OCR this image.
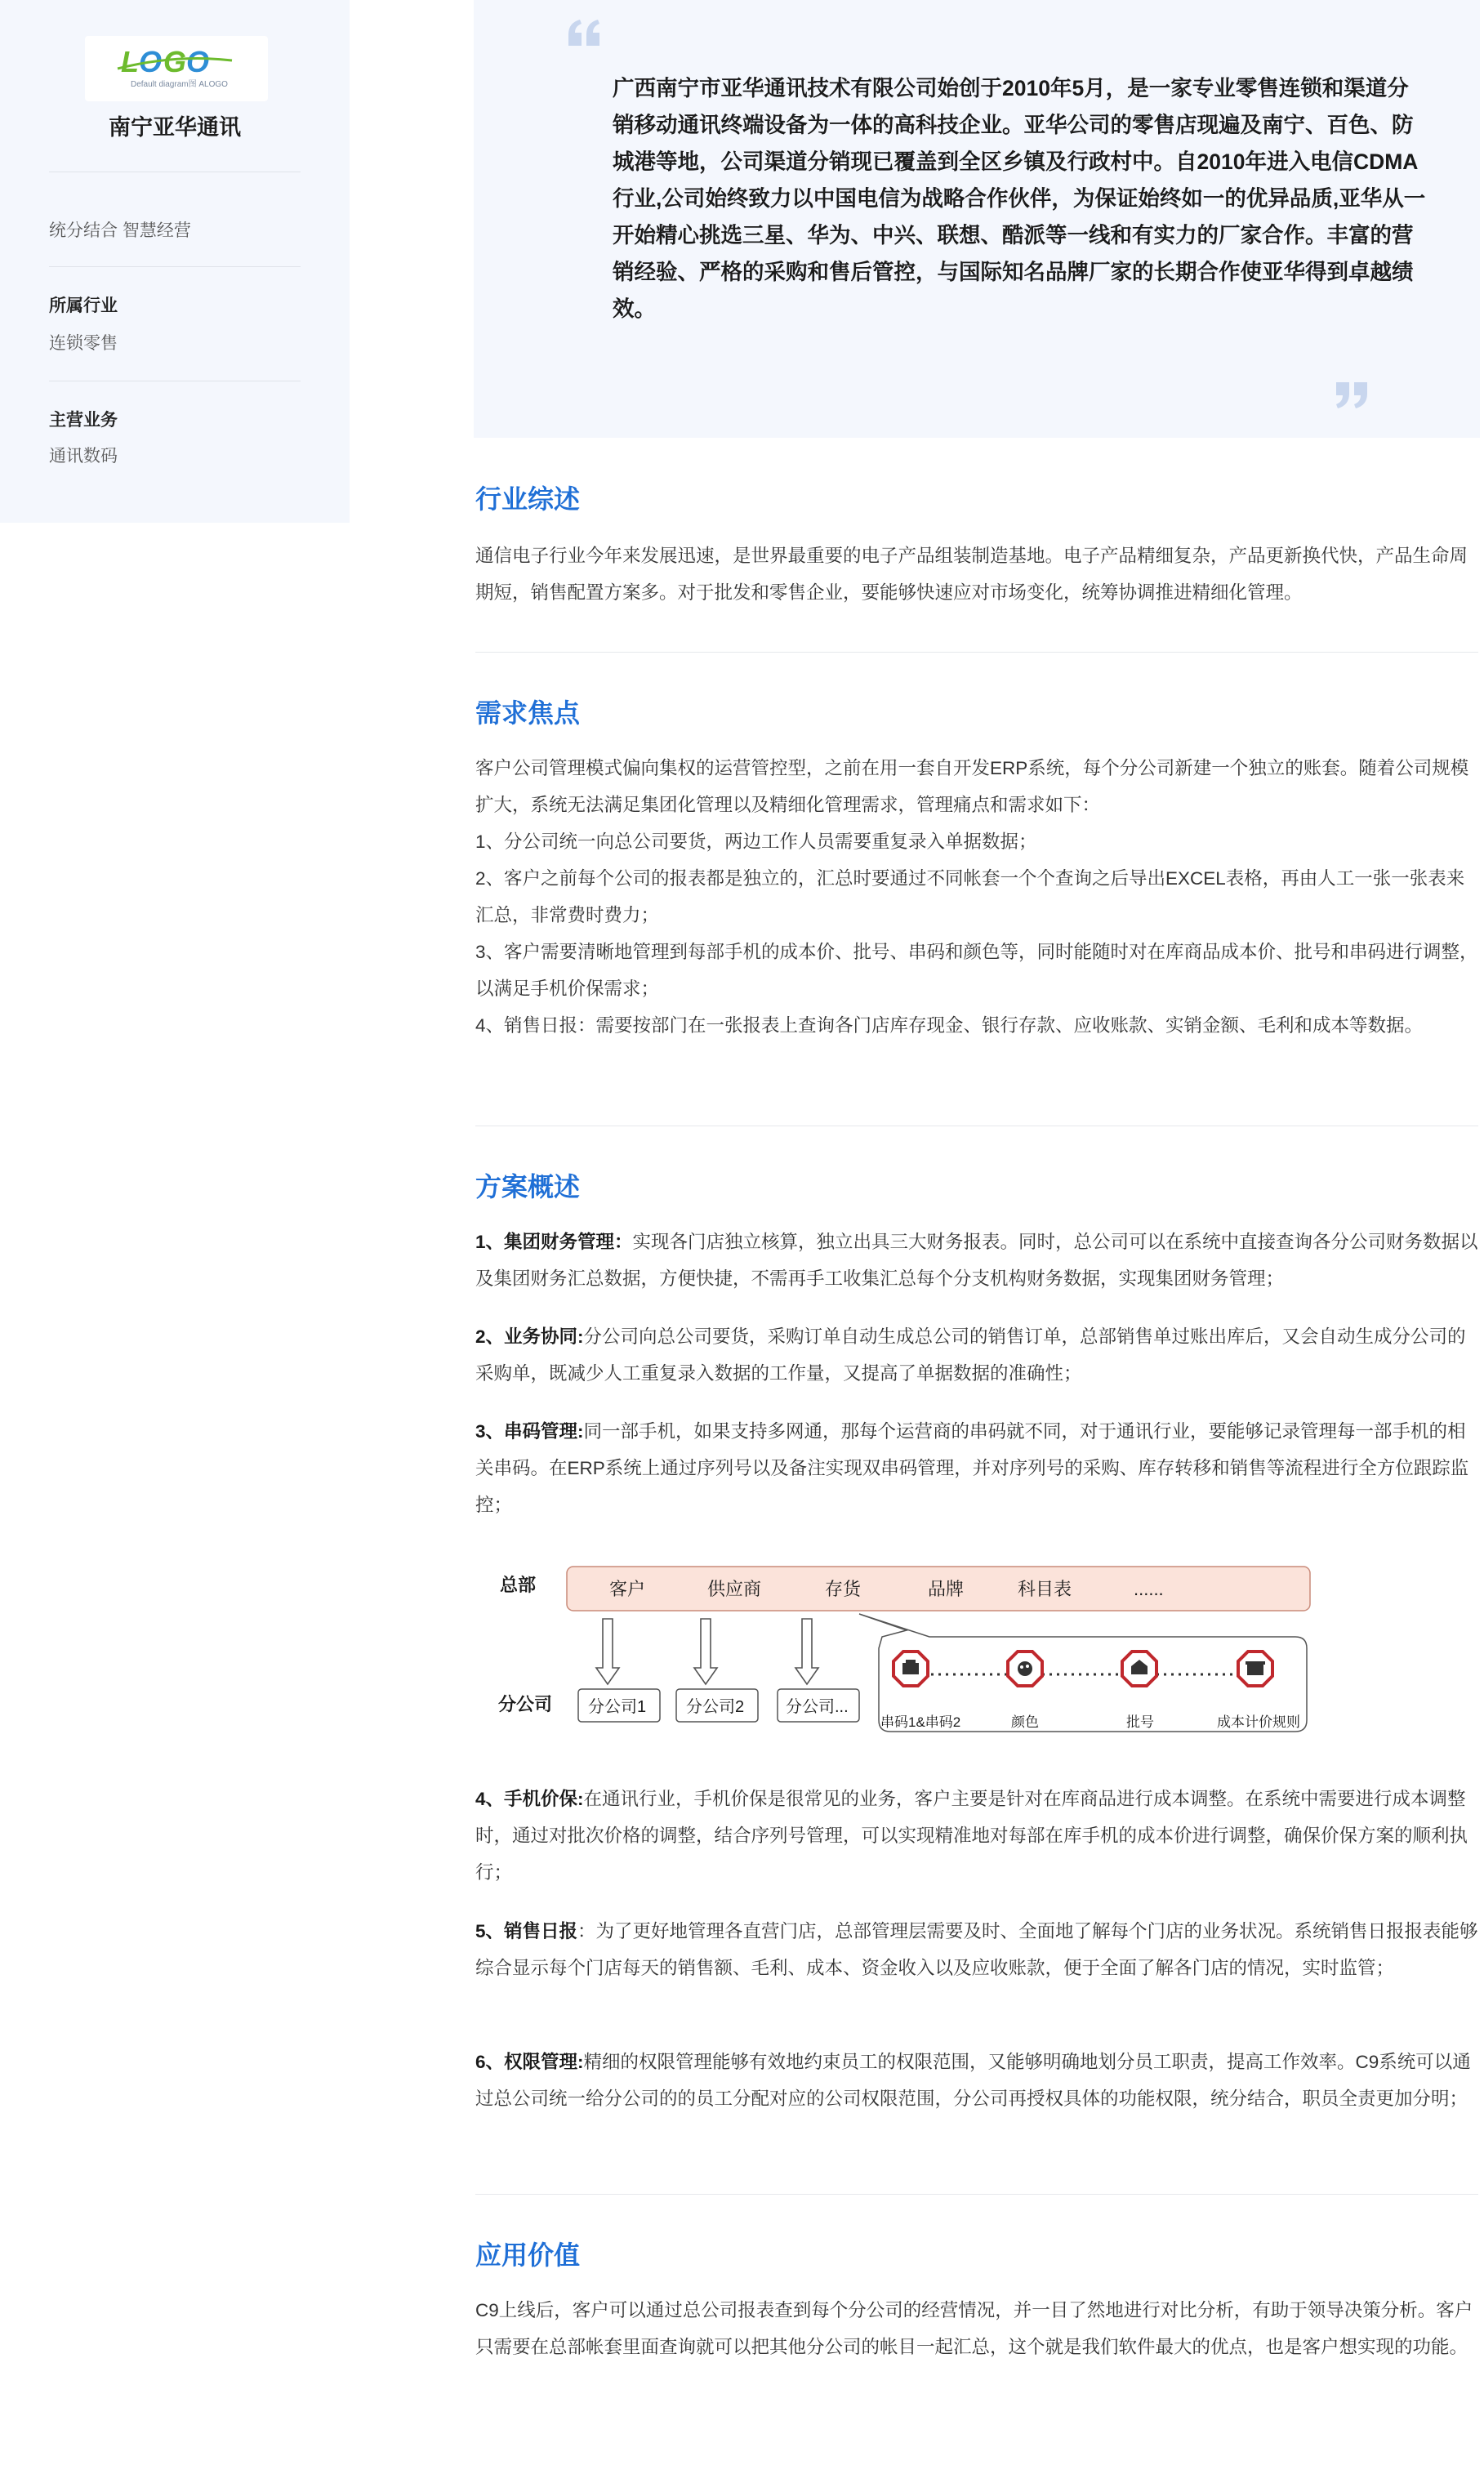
L O G O
Default diagram图 ALOGO
南宁亚华通讯
统分结合 智慧经营
所属行业
连锁零售
主营业务
通讯数码
广西南宁市亚华通讯技术有限公司始创于2010年5月，是一家专业零售连锁和渠道分销移动通讯终端设备为一体的高科技企业。亚华公司的零售店现遍及南宁、百色、防城港等地，公司渠道分销现已覆盖到全区乡镇及行政村中。自2010年进入电信CDMA行业,公司始终致力以中国电信为战略合作伙伴，为保证始终如一的优异品质,亚华从一开始精心挑选三星、华为、中兴、联想、酷派等一线和有实力的厂家合作。丰富的营销经验、严格的采购和售后管控，与国际知名品牌厂家的长期合作使亚华得到卓越绩效。
行业综述

通信电子行业今年来发展迅速，是世界最重要的电子产品组装制造基地。电子产品精细复杂，产品更新换代快，产品生命周期短，销售配置方案多。对于批发和零售企业，要能够快速应对市场变化，统筹协调推进精细化管理。

需求焦点
客户公司管理模式偏向集权的运营管控型，之前在用一套自开发ERP系统，每个分公司新建一个独立的账套。随着公司规模扩大，系统无法满足集团化管理以及精细化管理需求，管理痛点和需求如下：
1、分公司统一向总公司要货，两边工作人员需要重复录入单据数据；
2、客户之前每个公司的报表都是独立的，汇总时要通过不同帐套一个个查询之后导出EXCEL表格，再由人工一张一张表来汇总，非常费时费力；
3、客户需要清晰地管理到每部手机的成本价、批号、串码和颜色等，同时能随时对在库商品成本价、批号和串码进行调整，以满足手机价保需求；
4、销售日报：需要按部门在一张报表上查询各门店库存现金、银行存款、应收账款、实销金额、毛利和成本等数据。
方案概述
1、集团财务管理：实现各门店独立核算，独立出具三大财务报表。同时，总公司可以在系统中直接查询各分公司财务数据以及集团财务汇总数据，方便快捷，不需再手工收集汇总每个分支机构财务数据，实现集团财务管理；
2、业务协同:分公司向总公司要货，采购订单自动生成总公司的销售订单，总部销售单过账出库后，又会自动生成分公司的采购单，既减少人工重复录入数据的工作量，又提高了单据数据的准确性；
3、串码管理:同一部手机，如果支持多网通，那每个运营商的串码就不同，对于通讯行业，要能够记录管理每一部手机的相关串码。在ERP系统上通过序列号以及备注实现双串码管理，并对序列号的采购、库存转移和销售等流程进行全方位跟踪监控；
总部	客户	供应商	存货	品牌	科目表	......
分公司 分公司1 分公司2	分公司...
串码1&串码2	颜色	批号	成本计价规则
4、手机价保:在通讯行业，手机价保是很常见的业务，客户主要是针对在库商品进行成本调整。在系统中需要进行成本调整时，通过对批次价格的调整，结合序列号管理，可以实现精准地对每部在库手机的成本价进行调整，确保价保方案的顺利执行；
5、销售日报：为了更好地管理各直营门店，总部管理层需要及时、全面地了解每个门店的业务状况。系统销售日报报表能够综合显示每个门店每天的销售额、毛利、成本、资金收入以及应收账款，便于全面了解各门店的情况，实时监管；
6、权限管理:精细的权限管理能够有效地约束员工的权限范围，又能够明确地划分员工职责，提高工作效率。C9系统可以通过总公司统一给分公司的的员工分配对应的公司权限范围，分公司再授权具体的功能权限，统分结合，职员全责更加分明；
应用价值

C9上线后，客户可以通过总公司报表查到每个分公司的经营情况，并一目了然地进行对比分析，有助于领导决策分析。客户只需要在总部帐套里面查询就可以把其他分公司的帐目一起汇总，这个就是我们软件最大的优点，也是客户想实现的功能。
